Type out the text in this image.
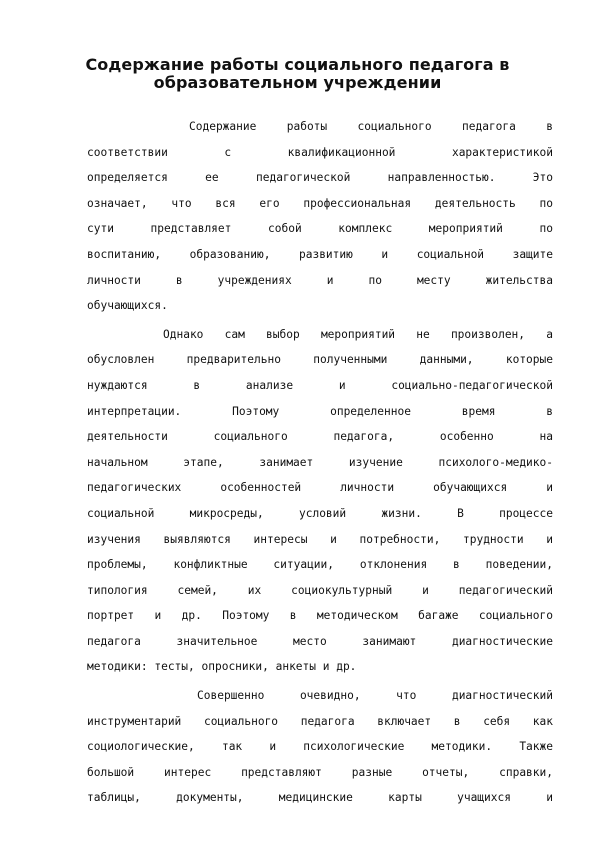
Содержание работы социального педагога в
образовательном учреждении
Содержание работы социального педагога в
соответствии с квалификационной характеристикой
определяется ее педагогической направленностью. Это
означает, что вся его профессиональная деятельность по
сути представляет собой комплекс мероприятий по
воспитанию, образованию, развитию и социальной защите
личности в учреждениях и по месту жительства
обучающихся.
Однако сам выбор мероприятий не произволен, а
обусловлен предварительно полученными данными, которые
нуждаются в анализе и социально-педагогической
интерпретации. Поэтому определенное время в
деятельности социального педагога, особенно на
начальном этапе, занимает изучение психолого-медико-
педагогических особенностей личности обучающихся и
социальной микросреды, условий жизни. В процессе
изучения выявляются интересы и потребности, трудности и
проблемы, конфликтные ситуации, отклонения в поведении,
типология семей, их социокультурный и педагогический
портрет и др. Поэтому в методическом багаже социального
педагога значительное место занимают диагностические
методики: тесты, опросники, анкеты и др.
Совершенно очевидно, что диагностический
инструментарий социального педагога включает в себя как
социологические, так и психологические методики. Также
большой интерес представляют разные отчеты, справки,
таблицы, документы, медицинские карты учащихся и
